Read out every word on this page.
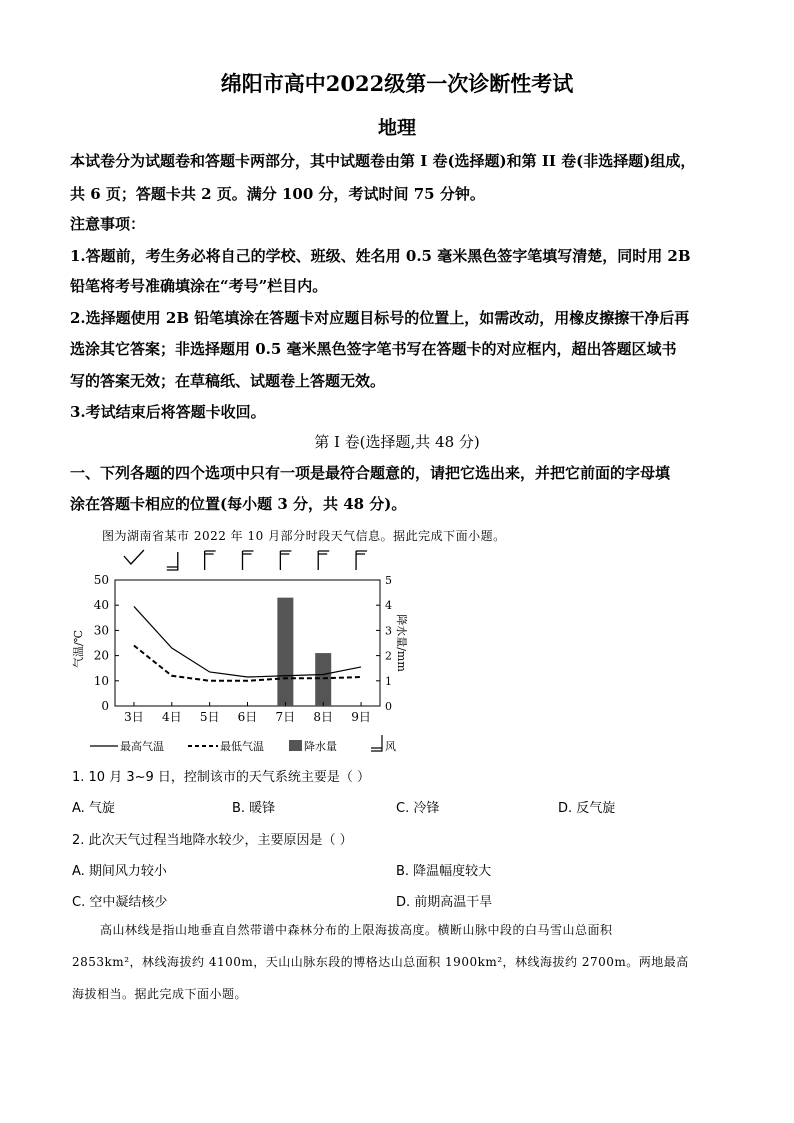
绵阳市高中2022级第一次诊断性考试
地理
本试卷分为试题卷和答题卡两部分，其中试题卷由第 I 卷(选择题)和第 II 卷(非选择题)组成，
共 6 页；答题卡共 2 页。满分 100 分，考试时间 75 分钟。
注意事项：
1.答题前，考生务必将自己的学校、班级、姓名用 0.5 毫米黑色签字笔填写清楚，同时用 2B
铅笔将考号准确填涂在“考号”栏目内。
2.选择题使用 2B 铅笔填涂在答题卡对应题目标号的位置上，如需改动，用橡皮擦擦干净后再
选涂其它答案；非选择题用 0.5 毫米黑色签字笔书写在答题卡的对应框内，超出答题区域书
写的答案无效；在草稿纸、试题卷上答题无效。
3.考试结束后将答题卡收回。
第 I 卷(选择题,共 48 分)
一、下列各题的四个选项中只有一项是最符合题意的，请把它选出来，并把它前面的字母填
涂在答题卡相应的位置(每小题 3 分，共 48 分)。
图为湖南省某市 2022 年 10 月部分时段天气信息。据此完成下面小题。
0
10
20
30
40
50
0
1
2
3
4
5
3日 4日 5日 6日 7日 8日 9日
气温/℃	降水量/mm
最高气温	最低气温	降水量	风
1. 10 月 3~9 日，控制该市的天气系统主要是（ ）
A. 气旋	B. 暖锋	C. 冷锋	D. 反气旋
2. 此次天气过程当地降水较少，主要原因是（ ）
A. 期间风力较小	B. 降温幅度较大
C. 空中凝结核少	D. 前期高温干旱
高山林线是指山地垂直自然带谱中森林分布的上限海拔高度。横断山脉中段的白马雪山总面积
2853km²，林线海拔约 4100m，天山山脉东段的博格达山总面积 1900km²，林线海拔约 2700m。两地最高
海拔相当。据此完成下面小题。
